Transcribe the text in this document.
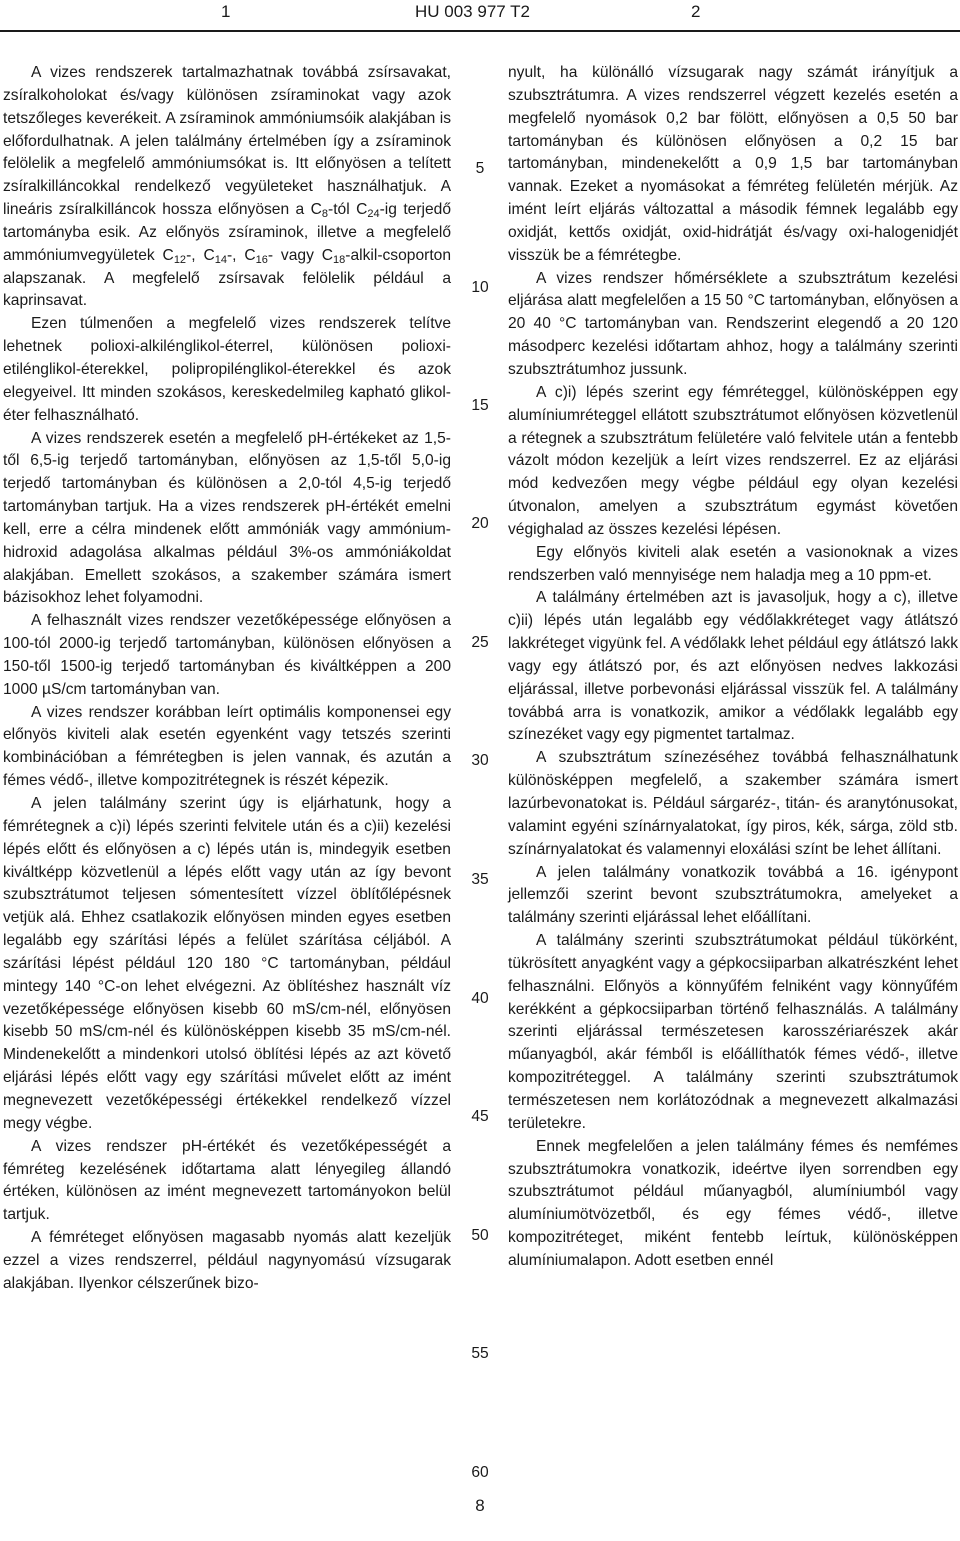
1	HU 003 977 T2	2

A vizes rendszerek tartalmazhatnak továbbá zsírsavakat, zsíralkoholokat és/vagy különösen zsíraminokat vagy azok tetszőleges keverékeit. A zsíraminok ammóniumsóik alakjában is előfordulhatnak. A jelen találmány értelmében így a zsíraminok felölelik a megfelelő ammóniumsókat is. Itt előnyösen a telített zsíralkilláncokkal rendelkező vegyületeket használhatjuk. A lineáris zsíralkilláncok hossza előnyösen a $C_8$-tól $C_{24}-ig$ terjedő tartományba esik. Az előnyös zsíraminok, illetve a megfelelő ammóniumvegyületek $C_{12}-$, $C_{14}-$, $C_{16}-$ vagy $C_{18}-alkil$-csoporton alapszanak. A megfelelő zsírsavak felölelik például a kaprinsavat.

Ezen túlmenően a megfelelő vizes rendszerek telítve lehetnek polioxi-alkilénglikol-éterrel, különösen polioxi-etilénglikol-éterekkel, polipropilénglikol-éterekkel és azok elegyeivel. Itt minden szokásos, kereskedelmileg kapható glikol-éter felhasználható.

A vizes rendszerek esetén a megfelelő pH-értékeket az 1,5-től 6,5-ig terjedő tartományban, előnyösen az 1,5-től 5,0-ig terjedő tartományban és különösen a 2,0-tól 4,5-ig terjedő tartományban tartjuk. Ha a vizes rendszerek pH-értékét emelni kell, erre a célra mindenek előtt ammóniák vagy ammónium-hidroxid adagolása alkalmas például 3%-os ammóniákoldat alakjában. Emellett szokásos, a szakember számára ismert bázisokhoz lehet folyamodni.

A felhasznált vizes rendszer vezetőképessége előnyösen a 100-tól 2000-ig terjedő tartományban, különösen előnyösen a 150-től 1500-ig terjedő tartományban és kiváltképpen a 200 1000 µS/cm tartományban van.

A vizes rendszer korábban leírt optimális komponensei egy előnyös kiviteli alak esetén egyenként vagy tetszés szerinti kombinációban a fémrétegben is jelen vannak, és azután a fémes védő-, illetve kompozitrétegnek is részét képezik.

A jelen találmány szerint úgy is eljárhatunk, hogy a fémrétegnek a c)i) lépés szerinti felvitele után és a c)ii) kezelési lépés előtt és előnyösen a c) lépés után is, mindegyik esetben kiváltképp közvetlenül a lépés előtt vagy után az így bevont szubsztrátumot teljesen sómentesített vízzel öblítőlépésnek vetjük alá. Ehhez csatlakozik előnyösen minden egyes esetben legalább egy szárítási lépés a felület szárítása céljából. A szárítási lépést például 120 180 °C tartományban, például mintegy 140 °C-on lehet elvégezni. Az öblítéshez használt víz vezetőképessége előnyösen kisebb 60 mS/cm-nél, előnyösen kisebb 50 mS/cm-nél és különösképpen kisebb 35 mS/cm-nél. Mindenekelőtt a mindenkori utolsó öblítési lépés az azt követő eljárási lépés előtt vagy egy szárítási művelet előtt az imént megnevezett vezetőképességi értékekkel rendelkező vízzel megy végbe.

A vizes rendszer pH-értékét és vezetőképességét a fémréteg kezelésének időtartama alatt lényegileg állandó értéken, különösen az imént megnevezett tartományokon belül tartjuk.

A fémréteget előnyösen magasabb nyomás alatt kezeljük ezzel a vizes rendszerrel, például nagynyomású vízsugarak alakjában. Ilyenkor célszerűnek bizo-

5
10
15
20
25
30
35
40
45
50
55
60

nyult, ha különálló vízsugarak nagy számát irányítjuk a szubsztrátumra. A vizes rendszerrel végzett kezelés esetén a megfelelő nyomások 0,2 bar fölött, előnyösen a 0,5 50 bar tartományban és különösen előnyösen a 0,2 15 bar tartományban, mindenekelőtt a 0,9 1,5 bar tartományban vannak. Ezeket a nyomásokat a fémréteg felületén mérjük. Az imént leírt eljárás változattal a második fémnek legalább egy oxidját, kettős oxidját, oxid-hidrátját és/vagy oxi-halogenidjét visszük be a fémrétegbe.

A vizes rendszer hőmérséklete a szubsztrátum kezelési eljárása alatt megfelelően a 15 50 °C tartományban, előnyösen a 20 40 °C tartományban van. Rendszerint elegendő a 20 120 másodperc kezelési időtartam ahhoz, hogy a találmány szerinti szubsztrátumhoz jussunk.

A c)i) lépés szerint egy fémréteggel, különösképpen egy alumíniumréteggel ellátott szubsztrátumot előnyösen közvetlenül a rétegnek a szubsztrátum felületére való felvitele után a fentebb vázolt módon kezeljük a leírt vizes rendszerrel. Ez az eljárási mód kedvezően megy végbe például egy olyan kezelési útvonalon, amelyen a szubsztrátum egymást követően végighalad az összes kezelési lépésen.

Egy előnyös kiviteli alak esetén a vasionoknak a vizes rendszerben való mennyisége nem haladja meg a 10 ppm-et.

A találmány értelmében azt is javasoljuk, hogy a c), illetve c)ii) lépés után legalább egy védőlakkréteget vagy átlátszó lakkréteget vigyünk fel. A védőlakk lehet például egy átlátszó lakk vagy egy átlátszó por, és azt előnyösen nedves lakkozási eljárással, illetve porbevonási eljárással visszük fel. A találmány továbbá arra is vonatkozik, amikor a védőlakk legalább egy színezéket vagy egy pigmentet tartalmaz.

A szubsztrátum színezéséhez továbbá felhasználhatunk különösképpen megfelelő, a szakember számára ismert lazúrbevonatokat is. Például sárgaréz-, titán- és aranytónusokat, valamint egyéni színárnyalatokat, így piros, kék, sárga, zöld stb. színárnyalatokat és valamennyi eloxálási színt be lehet állítani.

A jelen találmány vonatkozik továbbá a 16. igénypont jellemzői szerint bevont szubsztrátumokra, amelyeket a találmány szerinti eljárással lehet előállítani.

A találmány szerinti szubsztrátumokat például tükörként, tükrösített anyagként vagy a gépkocsiiparban alkatrészként lehet felhasználni. Előnyös a könnyűfém felniként vagy könnyűfém kerékként a gépkocsiiparban történő felhasználás. A találmány szerinti eljárással természetesen karosszériarészek akár műanyagból, akár fémből is előállíthatók fémes védő-, illetve kompozitréteggel. A találmány szerinti szubsztrátumok természetesen nem korlátozódnak a megnevezett alkalmazási területekre.

Ennek megfelelően a jelen találmány fémes és nemfémes szubsztrátumokra vonatkozik, ideértve ilyen sorrendben egy szubsztrátumot például műanyagból, alumíniumból vagy alumíniumötvözetből, és egy fémes védő-, illetve kompozitréteget, miként fentebb leírtuk, különösképpen alumíniumalapon. Adott esetben ennél

8
